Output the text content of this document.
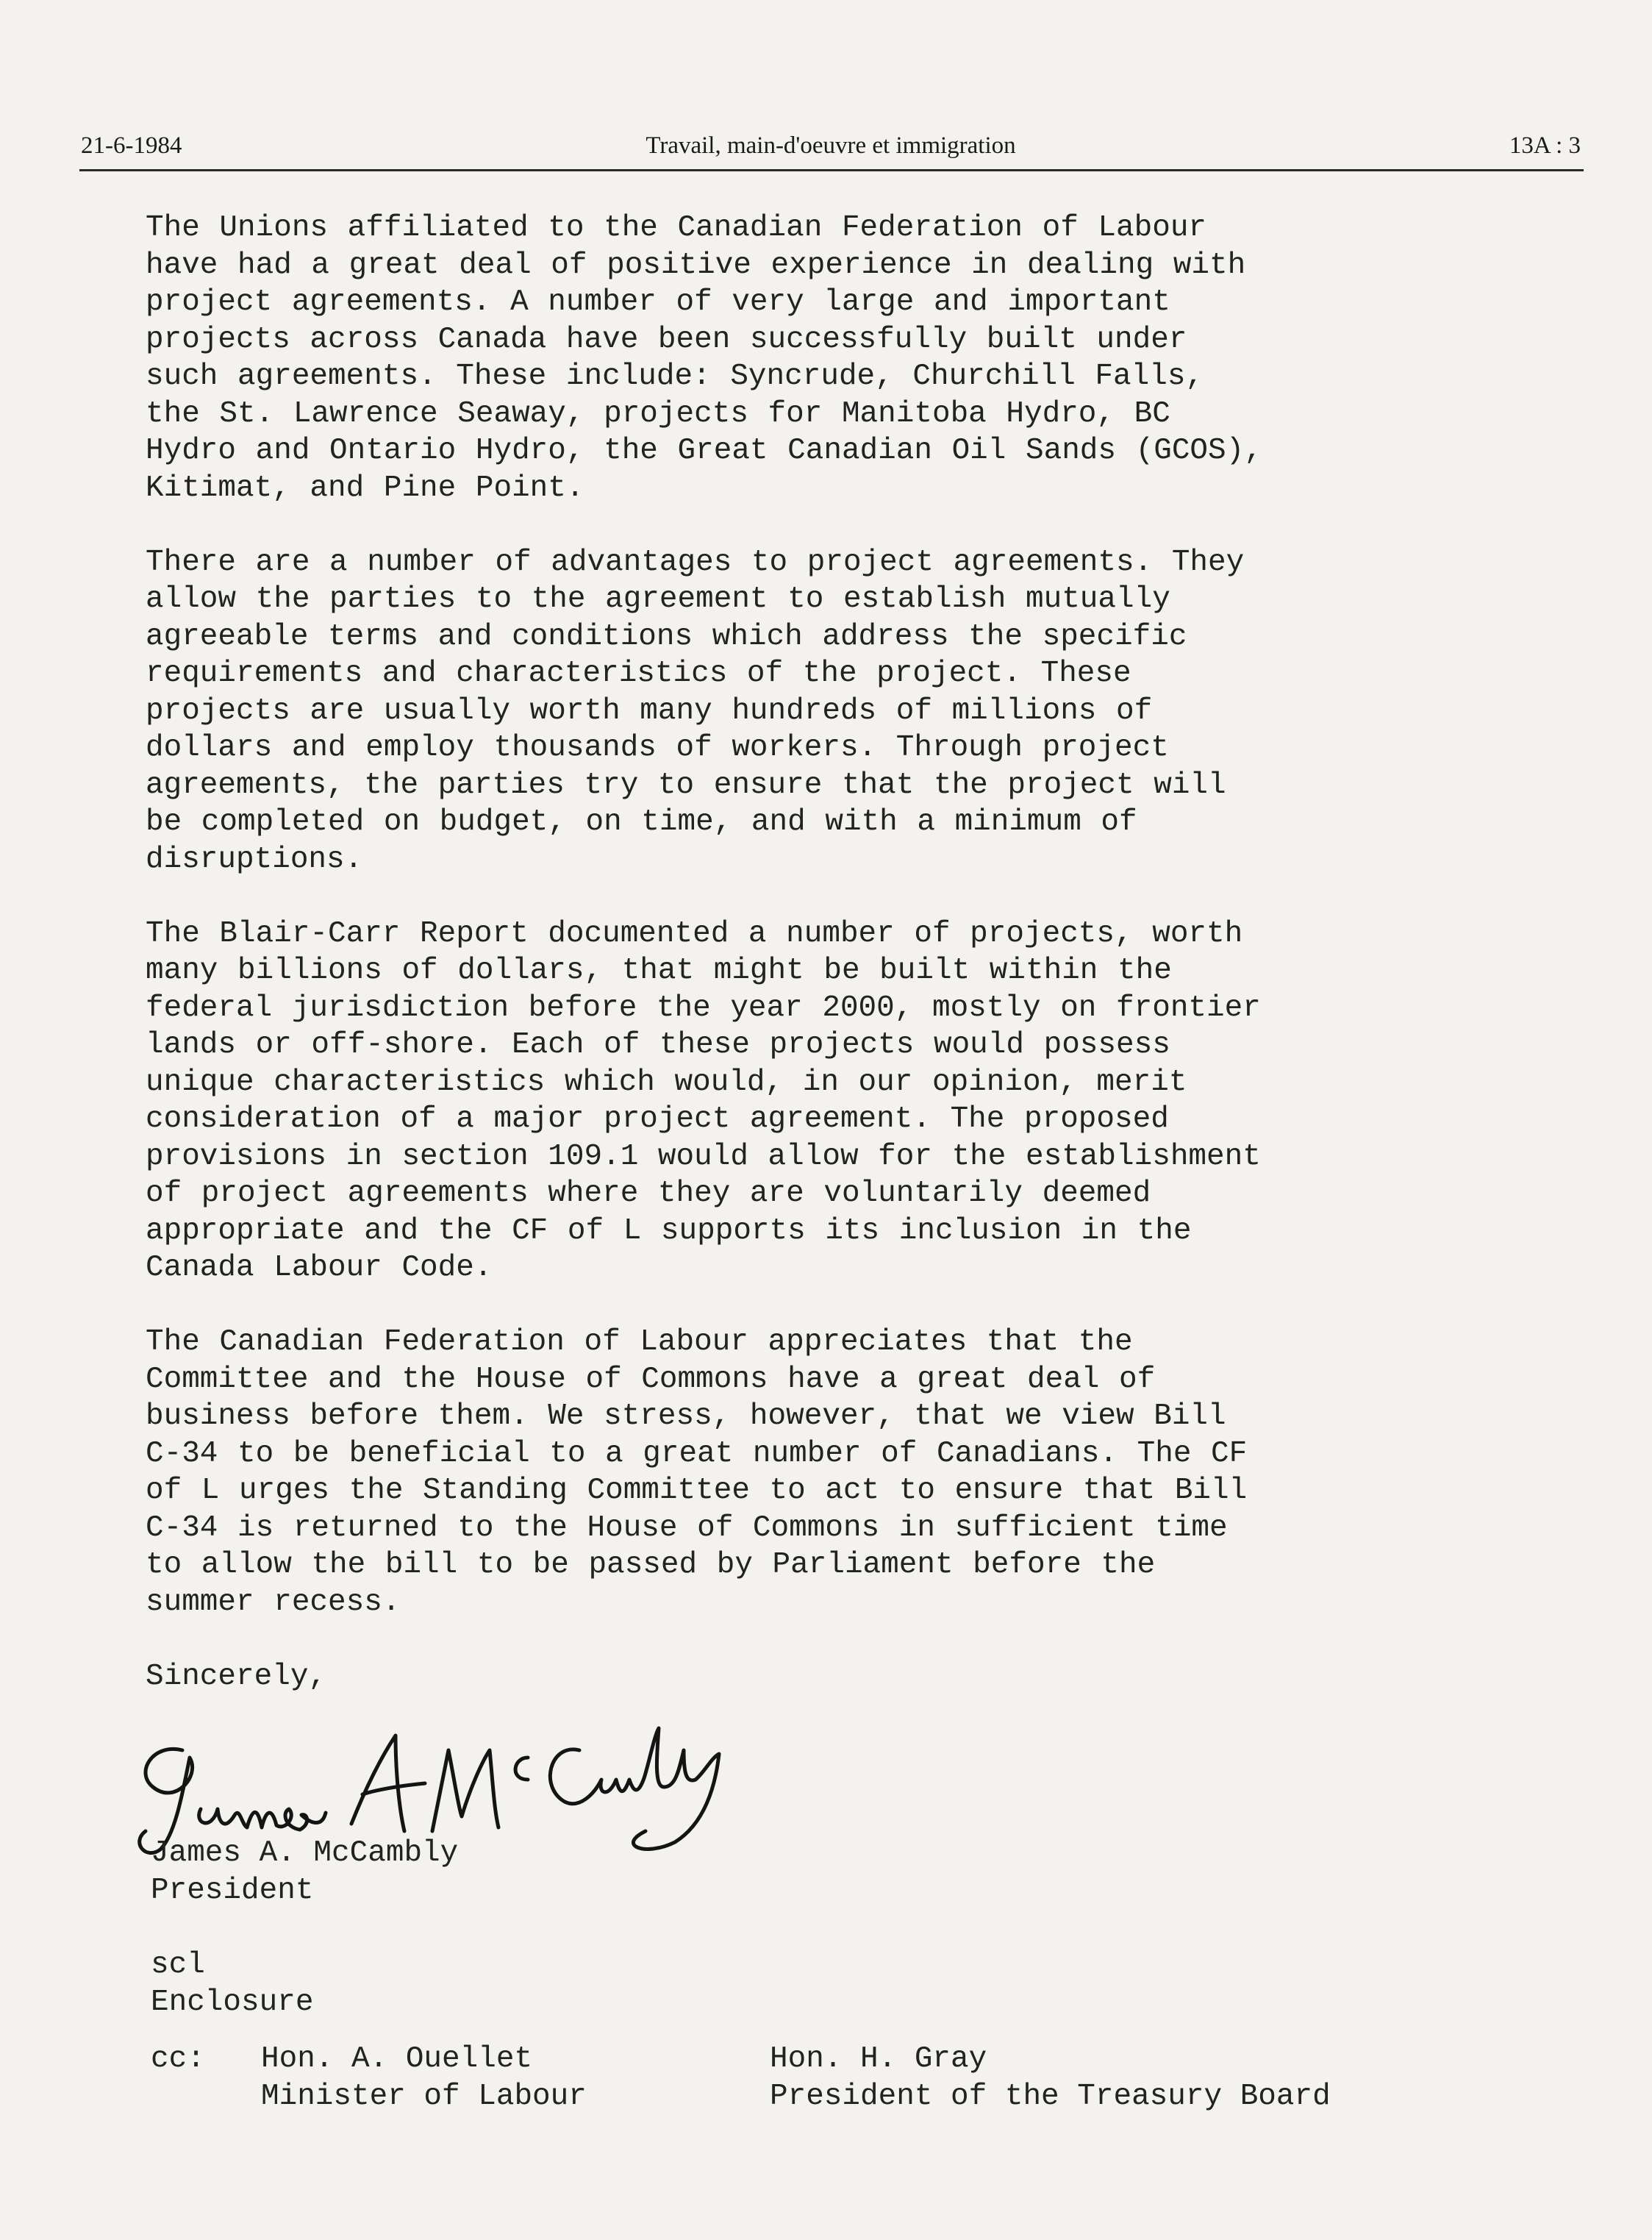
21-6-1984	Travail, main-d'oeuvre et immigration	13A : 3

The Unions affiliated to the Canadian Federation of Labour
have had a great deal of positive experience in dealing with
project agreements. A number of very large and important
projects across Canada have been successfully built under
such agreements. These include: Syncrude, Churchill Falls,
the St. Lawrence Seaway, projects for Manitoba Hydro, BC
Hydro and Ontario Hydro, the Great Canadian Oil Sands (GCOS),
Kitimat, and Pine Point.

There are a number of advantages to project agreements. They
allow the parties to the agreement to establish mutually
agreeable terms and conditions which address the specific
requirements and characteristics of the project. These
projects are usually worth many hundreds of millions of
dollars and employ thousands of workers. Through project
agreements, the parties try to ensure that the project will
be completed on budget, on time, and with a minimum of
disruptions.

The Blair-Carr Report documented a number of projects, worth
many billions of dollars, that might be built within the
federal jurisdiction before the year 2000, mostly on frontier
lands or off-shore. Each of these projects would possess
unique characteristics which would, in our opinion, merit
consideration of a major project agreement. The proposed
provisions in section 109.1 would allow for the establishment
of project agreements where they are voluntarily deemed
appropriate and the CF of L supports its inclusion in the
Canada Labour Code.

The Canadian Federation of Labour appreciates that the
Committee and the House of Commons have a great deal of
business before them. We stress, however, that we view Bill
C-34 to be beneficial to a great number of Canadians. The CF
of L urges the Standing Committee to act to ensure that Bill
C-34 is returned to the House of Commons in sufficient time
to allow the bill to be passed by Parliament before the
summer recess.

Sincerely,

James A. McCambly
President
scl
Enclosure
cc: Hon. A. Ouellet
Minister of Labour
Hon. H. Gray
President of the Treasury Board
